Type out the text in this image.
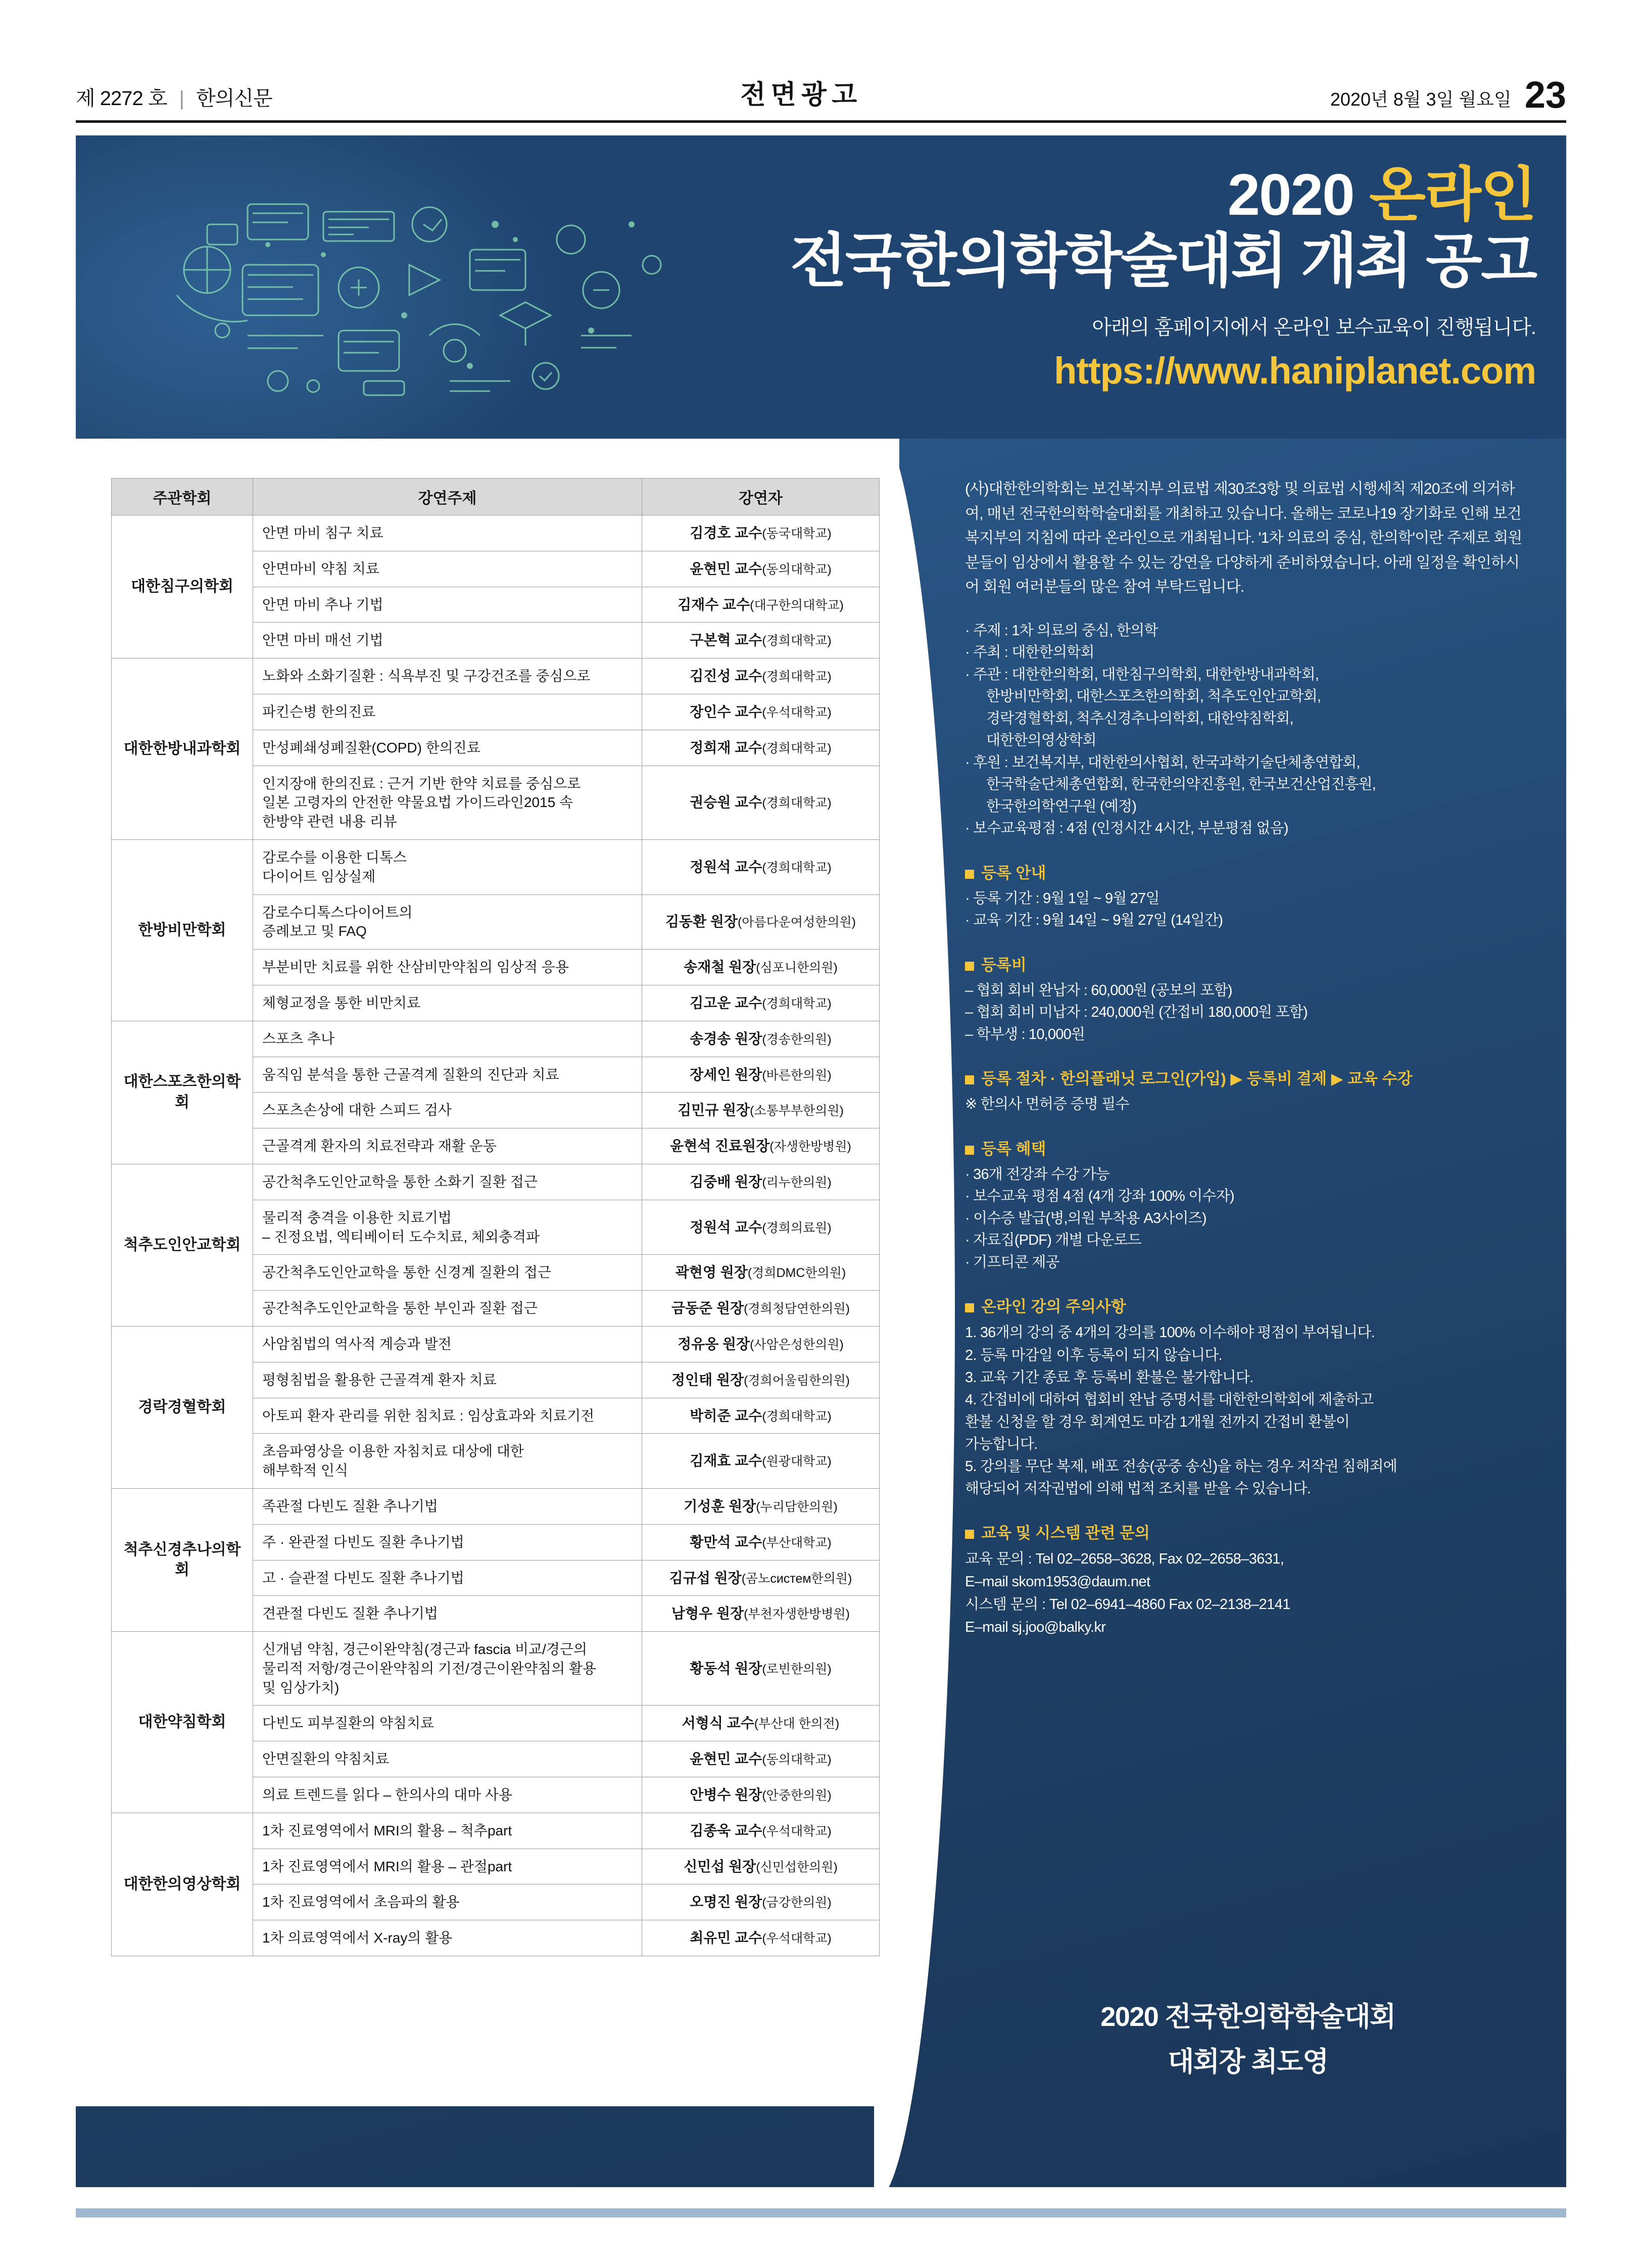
제 2272 호 | 한의신문	전면광고	2020년 8월 3일 월요일 23
2020 온라인
전국한의학학술대회 개최 공고
아래의 홈페이지에서 온라인 보수교육이 진행됩니다.
https://www.haniplanet.com
주관학회	강연주제	강연자
대한침구의학회	안면 마비 침구 치료	김경호 교수(동국대학교)
	안면마비 약침 치료	윤현민 교수(동의대학교)
	안면 마비 추나 기법	김재수 교수(대구한의대학교)
	안면 마비 매선 기법	구본혁 교수(경희대학교)
대한한방내과학회	노화와 소화기질환 : 식욕부진 및 구강건조를 중심으로	김진성 교수(경희대학교)
	파킨슨병 한의진료	장인수 교수(우석대학교)
	만성폐쇄성폐질환(COPD) 한의진료	정희재 교수(경희대학교)
	인지장애 한의진료 : 근거 기반 한약 치료를 중심으로
일본 고령자의 안전한 약물요법 가이드라인2015 속
한방약 관련 내용 리뷰	권승원 교수(경희대학교)
한방비만학회	감로수를 이용한 디톡스
다이어트 임상실제	정원석 교수(경희대학교)
	감로수디톡스다이어트의
증례보고 및 FAQ	김동환 원장(아름다운여성한의원)
	부분비만 치료를 위한 산삼비만약침의 임상적 응용	송재철 원장(심포니한의원)
	체형교정을 통한 비만치료	김고운 교수(경희대학교)
대한스포츠한의학회	스포츠 추나	송경송 원장(경송한의원)
	움직임 분석을 통한 근골격계 질환의 진단과 치료	장세인 원장(바른한의원)
	스포츠손상에 대한 스피드 검사	김민규 원장(소통부부한의원)
	근골격계 환자의 치료전략과 재활 운동	윤현석 진료원장(자생한방병원)
척추도인안교학회	공간척추도인안교학을 통한 소화기 질환 접근	김중배 원장(리누한의원)
	물리적 충격을 이용한 치료기법
– 진정요법, 엑티베이터 도수치료, 체외충격파	정원석 교수(경희의료원)
	공간척추도인안교학을 통한 신경계 질환의 접근	곽현영 원장(경희DMC한의원)
	공간척추도인안교학을 통한 부인과 질환 접근	금동준 원장(경희청담연한의원)
경락경혈학회	사암침법의 역사적 계승과 발전	정유옹 원장(사암은성한의원)
	평형침법을 활용한 근골격계 환자 치료	정인태 원장(경희어울림한의원)
	아토피 환자 관리를 위한 침치료 : 임상효과와 치료기전	박히준 교수(경희대학교)
	초음파영상을 이용한 자침치료 대상에 대한
해부학적 인식	김재효 교수(원광대학교)
척추신경추나의학회	족관절 다빈도 질환 추나기법	기성훈 원장(누리담한의원)
	주 · 완관절 다빈도 질환 추나기법	황만석 교수(부산대학교)
	고 · 슬관절 다빈도 질환 추나기법	김규섭 원장(곰노систем한의원)
	견관절 다빈도 질환 추나기법	남형우 원장(부천자생한방병원)
대한약침학회	신개념 약침, 경근이완약침(경근과 fascia 비교/경근의
물리적 저항/경근이완약침의 기전/경근이완약침의 활용
및 임상가치)	황동석 원장(로빈한의원)
	다빈도 피부질환의 약침치료	서형식 교수(부산대 한의전)
	안면질환의 약침치료	윤현민 교수(동의대학교)
	의료 트렌드를 읽다 – 한의사의 대마 사용	안병수 원장(안중한의원)
대한한의영상학회	1차 진료영역에서 MRI의 활용 – 척추part	김종욱 교수(우석대학교)
	1차 진료영역에서 MRI의 활용 – 관절part	신민섭 원장(신민섭한의원)
	1차 진료영역에서 초음파의 활용	오명진 원장(금강한의원)
	1차 의료영역에서 X-ray의 활용	최유민 교수(우석대학교)
(사)대한한의학회는 보건복지부 의료법 제30조3항 및 의료법 시행세칙 제20조에 의거하여, 매년 전국한의학학술대회를 개최하고 있습니다. 올해는 코로나19 장기화로 인해 보건복지부의 지침에 따라 온라인으로 개최됩니다. '1차 의료의 중심, 한의학'이란 주제로 회원분들이 임상에서 활용할 수 있는 강연을 다양하게 준비하였습니다. 아래 일정을 확인하시어 회원 여러분들의 많은 참여 부탁드립니다.
· 주제 : 1차 의료의 중심, 한의학
· 주최 : 대한한의학회
· 주관 : 대한한의학회, 대한침구의학회, 대한한방내과학회,
한방비만학회, 대한스포츠한의학회, 척추도인안교학회,
경락경혈학회, 척추신경추나의학회, 대한약침학회,
대한한의영상학회
· 후원 : 보건복지부, 대한한의사협회, 한국과학기술단체총연합회,
한국학술단체총연합회, 한국한의약진흥원, 한국보건산업진흥원,
한국한의학연구원 (예정)
· 보수교육평점 : 4점 (인정시간 4시간, 부분평점 없음)
등록 안내
· 등록 기간 : 9월 1일 ~ 9월 27일
· 교육 기간 : 9월 14일 ~ 9월 27일 (14일간)
등록비
– 협회 회비 완납자 : 60,000원 (공보의 포함)
– 협회 회비 미납자 : 240,000원 (간접비 180,000원 포함)
– 학부생 : 10,000원
등록 절차 · 한의플래닛 로그인(가입) ▶ 등록비 결제 ▶ 교육 수강
※ 한의사 면허증 증명 필수
등록 혜택
· 36개 전강좌 수강 가능
· 보수교육 평점 4점 (4개 강좌 100% 이수자)
· 이수증 발급(병,의원 부착용 A3사이즈)
· 자료집(PDF) 개별 다운로드
· 기프티콘 제공
온라인 강의 주의사항
1. 36개의 강의 중 4개의 강의를 100% 이수해야 평점이 부여됩니다.
2. 등록 마감일 이후 등록이 되지 않습니다.
3. 교육 기간 종료 후 등록비 환불은 불가합니다.
4. 간접비에 대하여 협회비 완납 증명서를 대한한의학회에 제출하고
환불 신청을 할 경우 회계연도 마감 1개월 전까지 간접비 환불이
가능합니다.
5. 강의를 무단 복제, 배포 전송(공중 송신)을 하는 경우 저작권 침해죄에
해당되어 저작권법에 의해 법적 조치를 받을 수 있습니다.
교육 및 시스템 관련 문의
교육 문의 : Tel 02–2658–3628, Fax 02–2658–3631,
E–mail skom1953@daum.net
시스템 문의 : Tel 02–6941–4860 Fax 02–2138–2141
E–mail sj.joo@balky.kr
2020 전국한의학학술대회
대회장 최도영
